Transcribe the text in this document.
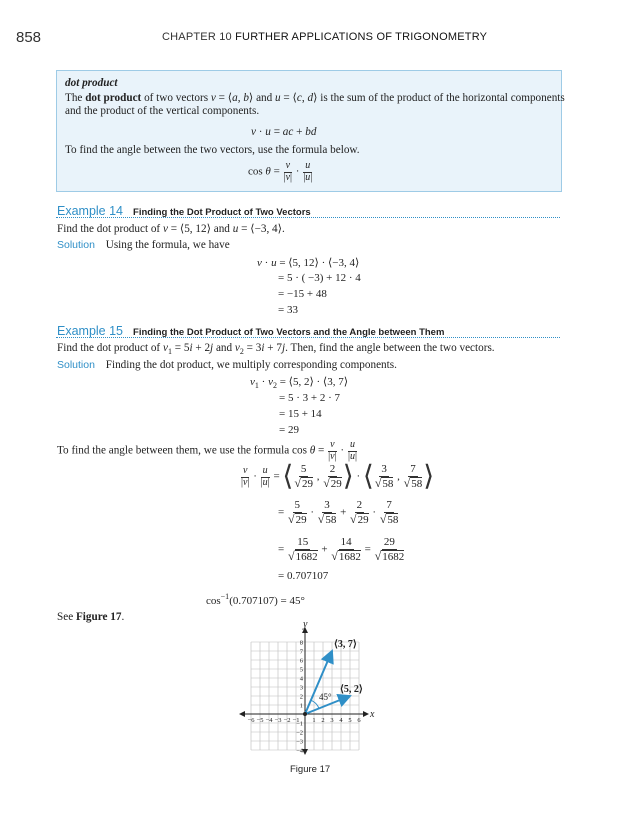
858	CHAPTER 10 FURTHER APPLICATIONS OF TRIGONOMETRY
dot product
The dot product of two vectors v = ⟨a, b⟩ and u = ⟨c, d⟩ is the sum of the product of the horizontal components
and the product of the vertical components.
v · u = ac + bd
To find the angle between the two vectors, use the formula below.
$\cos \theta = \frac{v}{|v|} \cdot \frac{u}{|u|}$
Example 14 Finding the Dot Product of Two Vectors
Find the dot product of v = ⟨5, 12⟩ and u = ⟨−3, 4⟩.
Solution Using the formula, we have
v · u = ⟨5, 12⟩ · ⟨−3, 4⟩
= 5 · ( −3) + 12 · 4
= −15 + 48
= 33
Example 15 Finding the Dot Product of Two Vectors and the Angle between Them
Find the dot product of $v_1 = 5i + 2j$ and $v_2 = 3i + 7j$. Then, find the angle between the two vectors.
Solution Finding the dot product, we multiply corresponding components.
$v_1 \cdot v_2$ = ⟨5, 2⟩ · ⟨3, 7⟩
= 5 · 3 + 2 · 7
= 15 + 14
= 29
To find the angle between them, we use the formula $\cos \theta = \frac{v}{|v|} \cdot \frac{u}{|u|}$
$\frac{v}{|v|} \cdot \frac{u}{|u|}$ = ⟨ $\frac{5}{√29}$ , $\frac{2}{√29}$ ⟩ · ⟨ $\frac{3}{√58}$ , $\frac{7}{√58}$ ⟩
= $\frac{5}{√29} \cdot \frac{3}{√58} + \frac{2}{√29} \cdot \frac{7}{√58}$
= $\frac{15}{√1682} + \frac{14}{√1682} = \frac{29}{√1682}$
= 0.707107
$\cos^{-1}(0.707107) = 45^\circ$
See Figure 17.
−6 −5 −4 −3 −2 −1 1 2 3 4 5 6
8
7
6
5
4
3
2
1
−1
−2
−3
−4
45°
⟨3, 7⟩
⟨5, 2⟩
x
y
Figure 17
